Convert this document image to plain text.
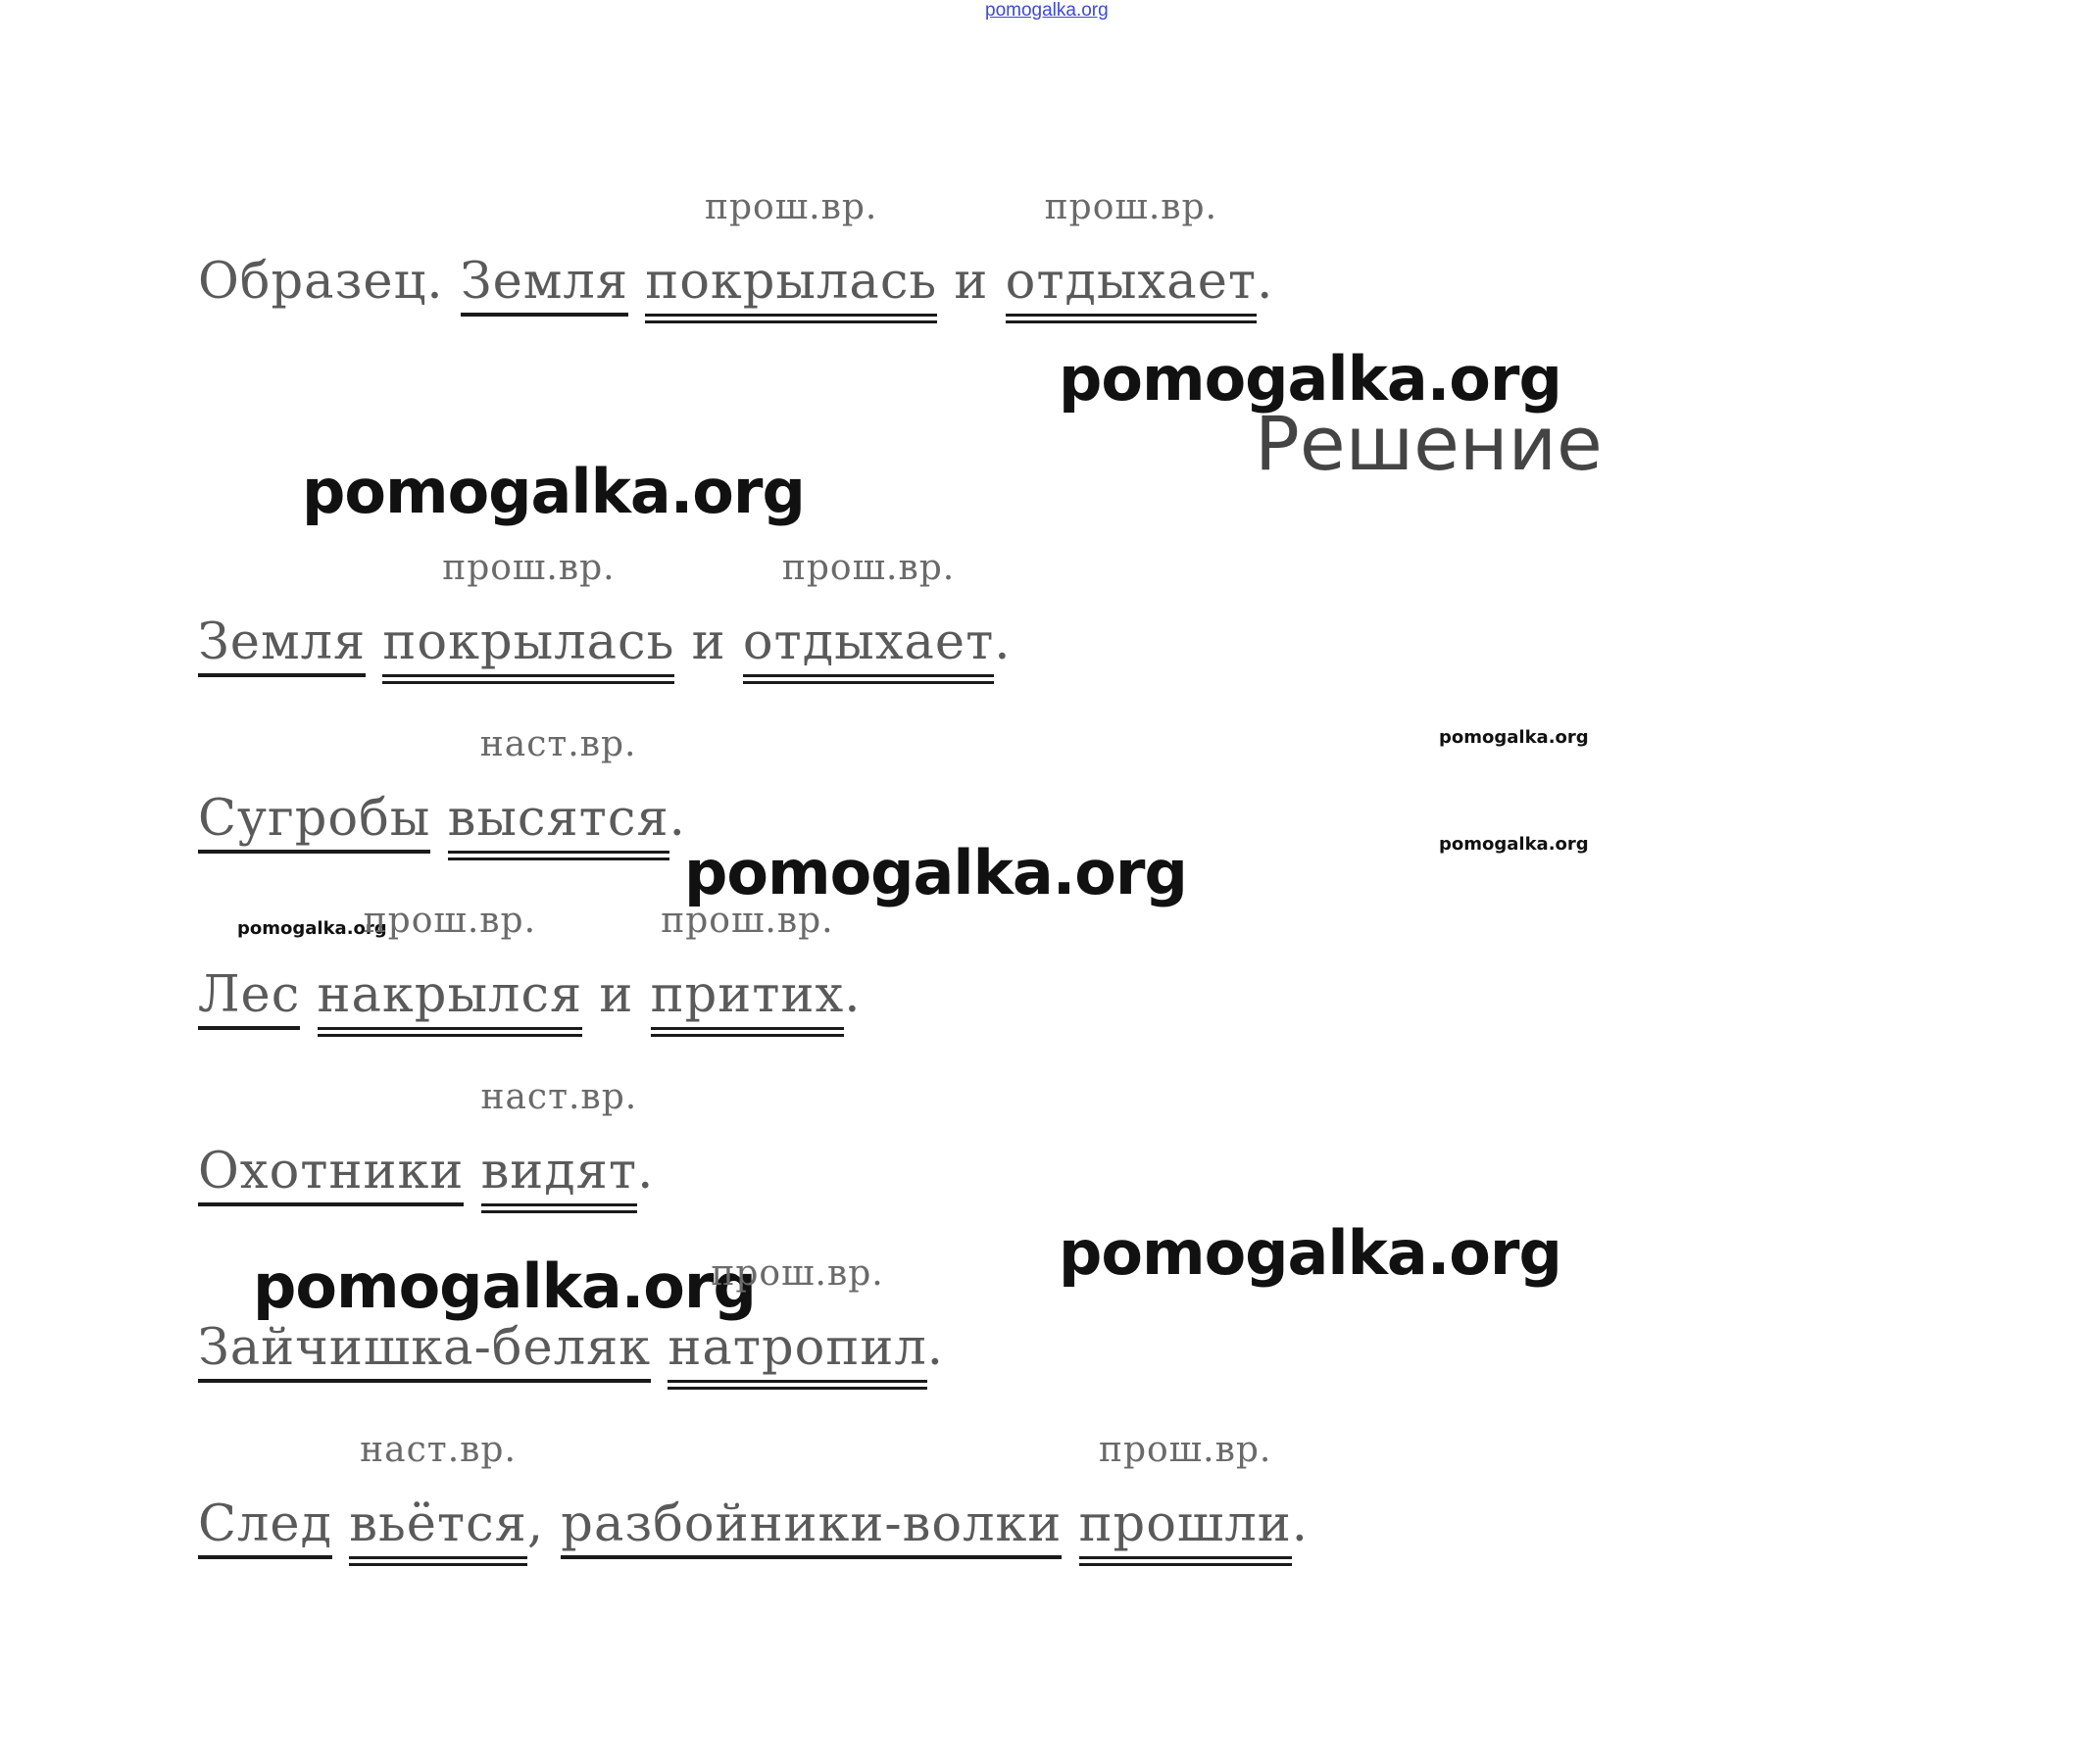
pomogalka.org
Образец. Земля покрылась
прош.вр.
и отдыхает
прош.вр.
.
pomogalka.org
Решение
pomogalka.org
Земля покрылась
прош.вр.
и отдыхает
прош.вр.
.
pomogalka.org
Сугробы высятся
наст.вр.
.	pomogalka.org
pomogalka.org
pomogalka.org
Лес накрылся
прош.вр.
и притих
прош.вр.
.
Охотники видят
наст.вр.
.
pomogalka.org
pomogalka.org
Зайчишка-беляк натропил
прош.вр.
.
След вьётся
наст.вр.
, разбойники-волки прошли
прош.вр.
.
